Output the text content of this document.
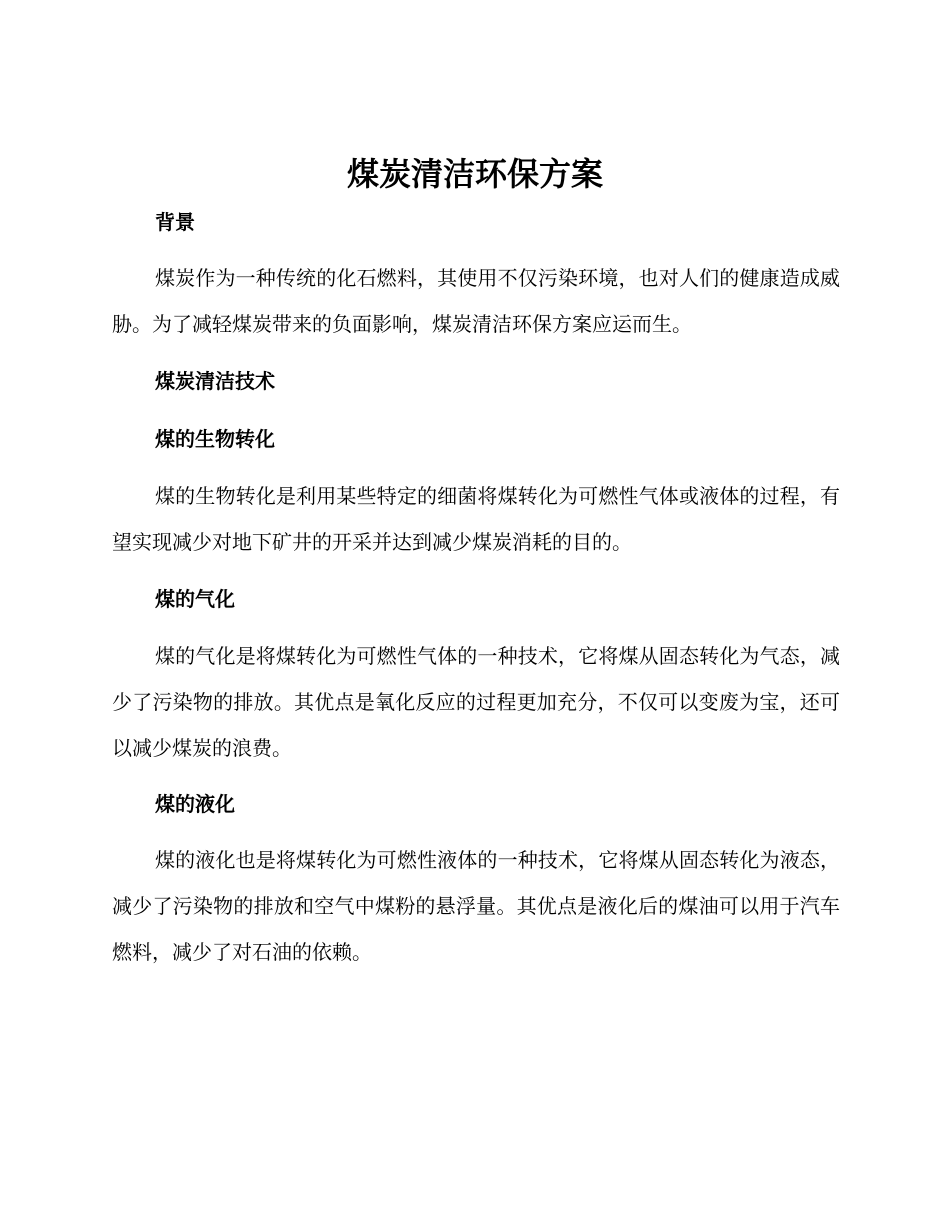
煤炭清洁环保方案
背景

煤炭作为一种传统的化石燃料，其使用不仅污染环境，也对人们的健康造成威胁。为了减轻煤炭带来的负面影响，煤炭清洁环保方案应运而生。

煤炭清洁技术
煤的生物转化

煤的生物转化是利用某些特定的细菌将煤转化为可燃性气体或液体的过程，有望实现减少对地下矿井的开采并达到减少煤炭消耗的目的。

煤的气化

煤的气化是将煤转化为可燃性气体的一种技术，它将煤从固态转化为气态，减少了污染物的排放。其优点是氧化反应的过程更加充分，不仅可以变废为宝，还可以减少煤炭的浪费。

煤的液化

煤的液化也是将煤转化为可燃性液体的一种技术，它将煤从固态转化为液态，减少了污染物的排放和空气中煤粉的悬浮量。其优点是液化后的煤油可以用于汽车燃料，减少了对石油的依赖。
